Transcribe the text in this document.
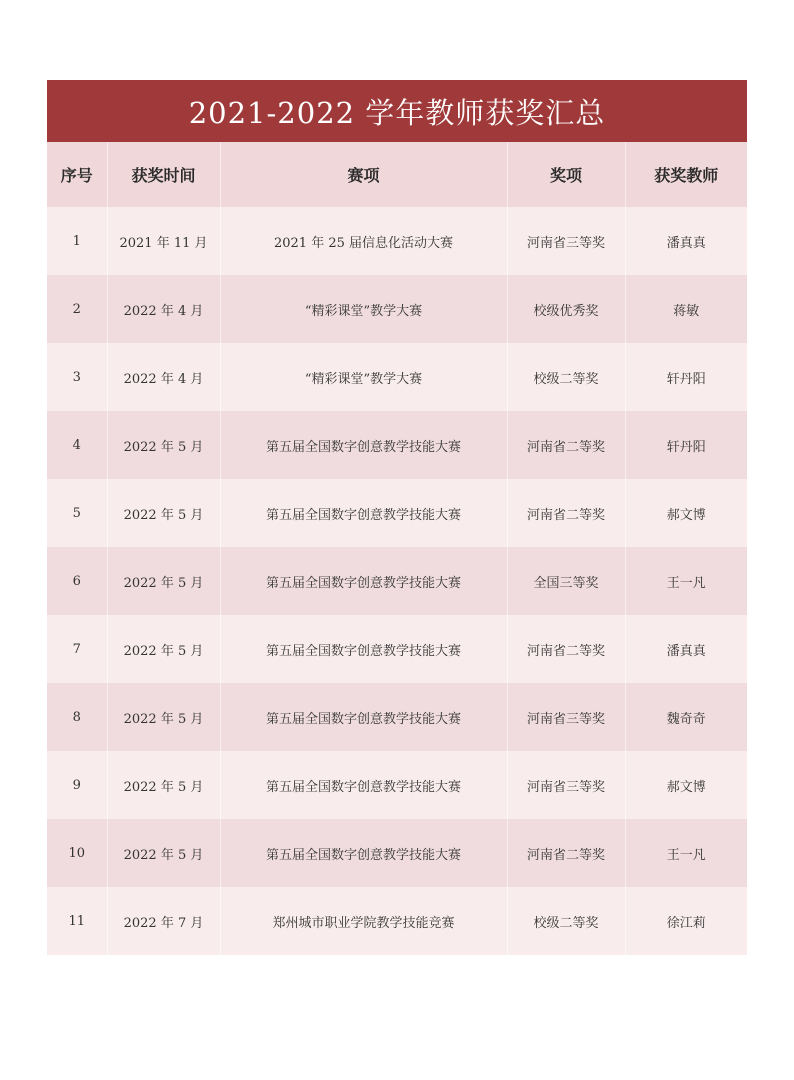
2021-2022 学年教师获奖汇总
序号	获奖时间	赛项	奖项	获奖教师
1	2021 年 11 月	2021 年 25 届信息化活动大赛	河南省三等奖	潘真真
2	2022 年 4 月	“精彩课堂”教学大赛	校级优秀奖	蒋敏
3	2022 年 4 月	“精彩课堂”教学大赛	校级二等奖	轩丹阳
4	2022 年 5 月	第五届全国数字创意教学技能大赛	河南省二等奖	轩丹阳
5	2022 年 5 月	第五届全国数字创意教学技能大赛	河南省二等奖	郝文博
6	2022 年 5 月	第五届全国数字创意教学技能大赛	全国三等奖	王一凡
7	2022 年 5 月	第五届全国数字创意教学技能大赛	河南省二等奖	潘真真
8	2022 年 5 月	第五届全国数字创意教学技能大赛	河南省三等奖	魏奇奇
9	2022 年 5 月	第五届全国数字创意教学技能大赛	河南省三等奖	郝文博
10	2022 年 5 月	第五届全国数字创意教学技能大赛	河南省二等奖	王一凡
11	2022 年 7 月	郑州城市职业学院教学技能竞赛	校级二等奖	徐江莉
